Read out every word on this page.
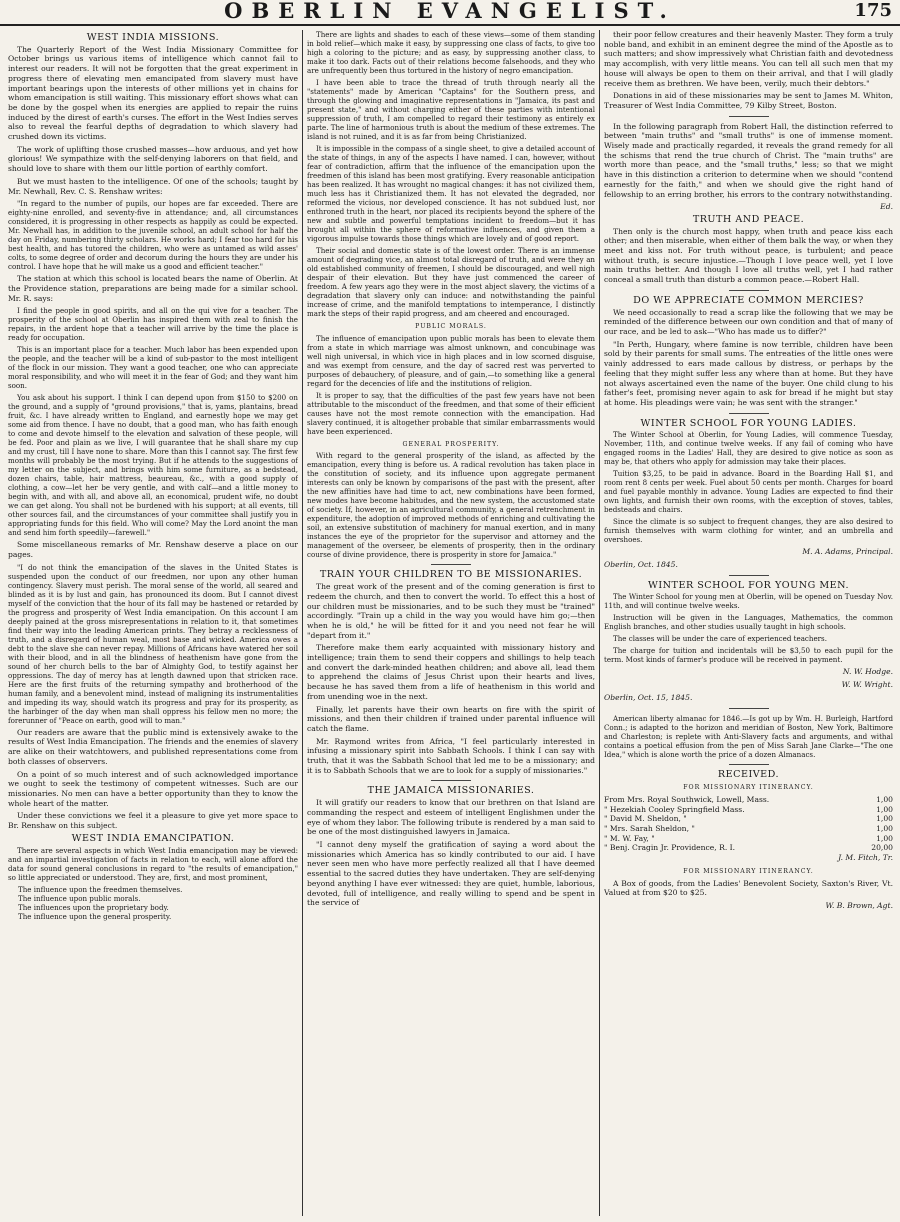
OBERLIN EVANGELIST.	175
WEST INDIA MISSIONS.

The Quarterly Report of the West India Missionary Committee for October brings us various items of intelligence which cannot fail to interest our readers. It will not be forgotten that the great experiment in progress there of elevating men emancipated from slavery must have important bearings upon the interests of other millions yet in chains for whom emancipation is still waiting. This missionary effort shows what can be done by the gospel when its energies are applied to repair the ruins induced by the direst of earth's curses. The effort in the West Indies serves also to reveal the fearful depths of degradation to which slavery had crushed down its victims.

The work of uplifting those crushed masses—how arduous, and yet how glorious! We sympathize with the self-denying laborers on that field, and should love to share with them our little portion of earthly comfort.

But we must hasten to the intelligence. Of one of the schools; taught by Mr. Newhall, Rev. C. S. Renshaw writes:

"In regard to the number of pupils, our hopes are far exceeded. There are eighty-nine enrolled, and seventy-five in attendance; and, all circumstances considered, it is progressing in other respects as happily as could be expected. Mr. Newhall has, in addition to the juvenile school, an adult school for half the day on Friday, numbering thirty scholars. He works hard; I fear too hard for his best health, and has tutored the children, who were as untamed as wild asses' colts, to some degree of order and decorum during the hours they are under his control. I have hope that he will make us a good and efficient teacher."

The station at which this school is located bears the name of Oberlin. At the Providence station, preparations are being made for a similar school. Mr. R. says:

I find the people in good spirits, and all on the qui vive for a teacher. The prosperity of the school at Oberlin has inspired them with zeal to finish the repairs, in the ardent hope that a teacher will arrive by the time the place is ready for occupation.

This is an important place for a teacher. Much labor has been expended upon the people, and the teacher will be a kind of sub-pastor to the most intelligent of the flock in our mission. They want a good teacher, one who can appreciate moral responsibility, and who will meet it in the fear of God; and they want him soon.

You ask about his support. I think I can depend upon from $150 to $200 on the ground, and a supply of "ground provisions," that is, yams, plantains, bread fruit, &c. I have already written to England, and earnestly hope we may get some aid from thence. I have no doubt, that a good man, who has faith enough to come and devote himself to the elevation and salvation of these people, will be fed. Poor and plain as we live, I will guarantee that he shall share my cup and my crust, till I have none to share. More than this I cannot say. The first few months will probably be the most trying. But if he attends to the suggestions of my letter on the subject, and brings with him some furniture, as a bedstead, dozen chairs, table, hair mattress, beaureau, &c., with a good supply of clothing, a cow—let her be very gentle, and with calf—and a little money to begin with, and with all, and above all, an economical, prudent wife, no doubt we can get along. You shall not be burdened with his support; at all events, till other sources fail, and the circumstances of your committee shall justify you in appropriating funds for this field. Who will come? May the Lord anoint the man and send him forth speedily—farewell."

Some miscellaneous remarks of Mr. Renshaw deserve a place on our pages.

"I do not think the emancipation of the slaves in the United States is suspended upon the conduct of our freedmen, nor upon any other human contingency. Slavery must perish. The moral sense of the world, all seared and blinded as it is by lust and gain, has pronounced its doom. But I cannot divest myself of the conviction that the hour of its fall may be hastened or retarded by the progress and prosperity of West India emancipation. On this account I am deeply pained at the gross misrepresentations in relation to it, that sometimes find their way into the leading American prints. They betray a recklessness of truth, and a disregard of human weal, most base and wicked. America owes a debt to the slave she can never repay. Millions of Africans have watered her soil with their blood, and in all the blindness of heathenism have gone from the sound of her church bells to the bar of Almighty God, to testify against her oppressions. The day of mercy has at length dawned upon that stricken race. Here are the first fruits of the returning sympathy and brotherhood of the human family, and a benevolent mind, instead of maligning its instrumentalities and impeding its way, should watch its progress and pray for its prosperity, as the harbinger of the day when man shall oppress his fellow men no more; the forerunner of "Peace on earth, good will to man."

Our readers are aware that the public mind is extensively awake to the results of West India Emancipation. The friends and the enemies of slavery are alike on their watchtowers, and published representations come from both classes of observers.

On a point of so much interest and of such acknowledged importance we ought to seek the testimony of competent witnesses. Such are our missionaries. No men can have a better opportunity than they to know the whole heart of the matter.

Under these convictions we feel it a pleasure to give yet more space to Br. Renshaw on this subject.

WEST INDIA EMANCIPATION.

There are several aspects in which West India emancipation may be viewed: and an impartial investigation of facts in relation to each, will alone afford the data for sound general conclusions in regard to "the results of emancipation," so little appreciated or understood. They are, first, and most prominent,

The influence upon the freedmen themselves.

The influence upon public morals.

The influences upon the proprietary body.

The influence upon the general prosperity.

There are lights and shades to each of these views—some of them standing in bold relief—which make it easy, by suppressing one class of facts, to give too high a coloring to the picture; and as easy, by suppressing another class, to make it too dark. Facts out of their relations become falsehoods, and they who are unfrequently been thus tortured in the history of negro emancipation.

I have been able to trace the thread of truth through nearly all the "statements" made by American "Captains" for the Southern press, and through the glowing and imaginative representations in "Jamaica, its past and present state," and without charging either of these parties with intentional suppression of truth, I am compelled to regard their testimony as entirely ex parte. The line of harmonious truth is about the medium of these extremes. The island is not ruined, and it is as far from being Christianized.

It is impossible in the compass of a single sheet, to give a detailed account of the state of things, in any of the aspects I have named. I can, however, without fear of contradiction, affirm that the influence of the emancipation upon the freedmen of this island has been most gratifying. Every reasonable anticipation has been realized. It has wrought no magical changes: it has not civilized them, much less has it Christianized them. It has not elevated the degraded, nor reformed the vicious, nor developed conscience. It has not subdued lust, nor enthroned truth in the heart, nor placed its recipients beyond the sphere of the new and subtle and powerful temptations incident to freedom—but it has brought all within the sphere of reformative influences, and given them a vigorous impulse towards those things which are lovely and of good report.

Their social and domestic state is of the lowest order. There is an immense amount of degrading vice, an almost total disregard of truth, and were they an old established community of freemen, I should be discouraged, and well nigh despair of their elevation. But they have just commenced the career of freedom. A few years ago they were in the most abject slavery, the victims of a degradation that slavery only can induce: and notwithstanding the painful increase of crime, and the manifold temptations to intemperance, I distinctly mark the steps of their rapid progress, and am cheered and encouraged.

PUBLIC MORALS.

The influence of emancipation upon public morals has been to elevate them from a state in which marriage was almost unknown, and concubinage was well nigh universal, in which vice in high places and in low scorned disguise, and was exempt from censure, and the day of sacred rest was perverted to purposes of debauchery, of pleasure, and of gain,—to something like a general regard for the decencies of life and the institutions of religion.

It is proper to say, that the difficulties of the past few years have not been attributable to the misconduct of the freedmen, and that some of their efficient causes have not the most remote connection with the emancipation. Had slavery continued, it is altogether probable that similar embarrassments would have been experienced.

GENERAL PROSPERITY.

With regard to the general prosperity of the island, as affected by the emancipation, every thing is before us. A radical revolution has taken place in the constitution of society, and its influence upon aggregate permanent interests can only be known by comparisons of the past with the present, after the new affinities have had time to act, new combinations have been formed, new modes have become habitudes, and the new system, the accustomed state of society. If, however, in an agricultural community, a general retrenchment in expenditure, the adoption of improved methods of enriching and cultivating the soil, an extensive substitution of machinery for manual exertion, and in many instances the eye of the proprietor for the supervisor and attorney and the management of the overseer, be elements of prosperity, then in the ordinary course of divine providence, there is prosperity in store for Jamaica."

TRAIN YOUR CHILDREN TO BE MISSIONARIES.

The great work of the present and of the coming generation is first to redeem the church, and then to convert the world. To effect this a host of our children must be missionaries, and to be such they must be "trained" accordingly. "Train up a child in the way you would have him go;—then when he is old," he will be fitted for it and you need not fear he will "depart from it."

Therefore make them early acquainted with missionary history and intelligence; train them to send their coppers and shillings to help teach and convert the dark-minded heathen children; and above all, lead them to apprehend the claims of Jesus Christ upon their hearts and lives, because he has saved them from a life of heathenism in this world and from unending woe in the next.

Finally, let parents have their own hearts on fire with the spirit of missions, and then their children if trained under parental influence will catch the flame.

Mr. Raymond writes from Africa, "I feel particularly interested in infusing a missionary spirit into Sabbath Schools. I think I can say with truth, that it was the Sabbath School that led me to be a missionary; and it is to Sabbath Schools that we are to look for a supply of missionaries."

THE JAMAICA MISSIONARIES.

It will gratify our readers to know that our brethren on that Island are commanding the respect and esteem of intelligent Englishmen under the eye of whom they labor. The following tribute is rendered by a man said to be one of the most distinguished lawyers in Jamaica.

"I cannot deny myself the gratification of saying a word about the missionaries which America has so kindly contributed to our aid. I have never seen men who have more perfectly realized all that I have deemed essential to the sacred duties they have undertaken. They are self-denying beyond anything I have ever witnessed: they are quiet, humble, laborious, devoted, full of intelligence, and really willing to spend and be spent in the service of

their poor fellow creatures and their heavenly Master. They form a truly noble band, and exhibit in an eminent degree the mind of the Apostle as to such matters; and show impressively what Christian faith and devotedness may accomplish, with very little means. You can tell all such men that my house will always be open to them on their arrival, and that I will gladly receive them as brethren. We have been, verily, much their debtors."

Donations in aid of these missionaries may be sent to James M. Whiton, Treasurer of West India Committee, 79 Kilby Street, Boston.

In the following paragraph from Robert Hall, the distinction referred to between "main truths" and "small truths" is one of immense moment. Wisely made and practically regarded, it reveals the grand remedy for all the schisms that rend the true church of Christ. The "main truths" are worth more than peace, and the "small truths," less; so that we might have in this distinction a criterion to determine when we should "contend earnestly for the faith," and when we should give the right hand of fellowship to an erring brother, his errors to the contrary notwithstanding.

Ed.

TRUTH AND PEACE.

Then only is the church most happy, when truth and peace kiss each other; and then miserable, when either of them balk the way, or when they meet and kiss not. For truth without peace, is turbulent; and peace without truth, is secure injustice.—Though I love peace well, yet I love main truths better. And though I love all truths well, yet I had rather conceal a small truth than disturb a common peace.—Robert Hall.

DO WE APPRECIATE COMMON MERCIES?

We need occasionally to read a scrap like the following that we may be reminded of the difference between our own condition and that of many of our race, and be led to ask—"Who has made us to differ?"

"In Perth, Hungary, where famine is now terrible, children have been sold by their parents for small sums. The entreaties of the little ones were vainly addressed to ears made callous by distress, or perhaps by the feeling that they might suffer less any where than at home. But they have not always ascertained even the name of the buyer. One child clung to his father's feet, promising never again to ask for bread if he might but stay at home. His pleadings were vain; he was sent with the stranger."

WINTER SCHOOL FOR YOUNG LADIES.

The Winter School at Oberlin, for Young Ladies, will commence Tuesday, November, 11th, and continue twelve weeks. If any fail of coming who have engaged rooms in the Ladies' Hall, they are desired to give notice as soon as may be, that others who apply for admission may take their places.

Tuition $3,25, to be paid in advance. Board in the Boarding Hall $1, and room rent 8 cents per week. Fuel about 50 cents per month. Charges for board and fuel payable monthly in advance. Young Ladies are expected to find their own lights, and furnish their own rooms, with the exception of stoves, tables, bedsteads and chairs.

Since the climate is so subject to frequent changes, they are also desired to furnish themselves with warm clothing for winter, and an umbrella and overshoes.

M. A. Adams, Principal.

Oberlin, Oct. 1845.

WINTER SCHOOL FOR YOUNG MEN.

The Winter School for young men at Oberlin, will be opened on Tuesday Nov. 11th, and will continue twelve weeks.

Instruction will be given in the Languages, Mathematics, the common English branches, and other studies usually taught in high schools.

The classes will be under the care of experienced teachers.

The charge for tuition and incidentals will be $3,50 to each pupil for the term. Most kinds of farmer's produce will be received in payment.

N. W. Hodge.

W. W. Wright.

Oberlin, Oct. 15, 1845.

American liberty almanac for 1846.—Is got up by Wm. H. Burleigh, Hartford Conn.; is adapted to the horizon and meridian of Boston, New York, Baltimore and Charleston; is replete with Anti-Slavery facts and arguments, and withal contains a poetical effusion from the pen of Miss Sarah Jane Clarke—"The one Idea," which is alone worth the price of a dozen Almanacs.

RECEIVED.
FOR MISSIONARY ITINERANCY.
From Mrs. Royal Southwick, Lowell, Mass.	1,00
" Hezekiah Cooley Springfield Mass.	1,00
" David M. Sheldon, "	1,00
" Mrs. Sarah Sheldon, "	1,00
" M. W. Fay, "	1,00
" Benj. Cragin Jr. Providence, R. I.	20,00

J. M. Fitch, Tr.

FOR MISSIONARY ITINERANCY.

A Box of goods, from the Ladies' Benevolent Society, Saxton's River, Vt. Valued at from $20 to $25.

W. B. Brown, Agt.
